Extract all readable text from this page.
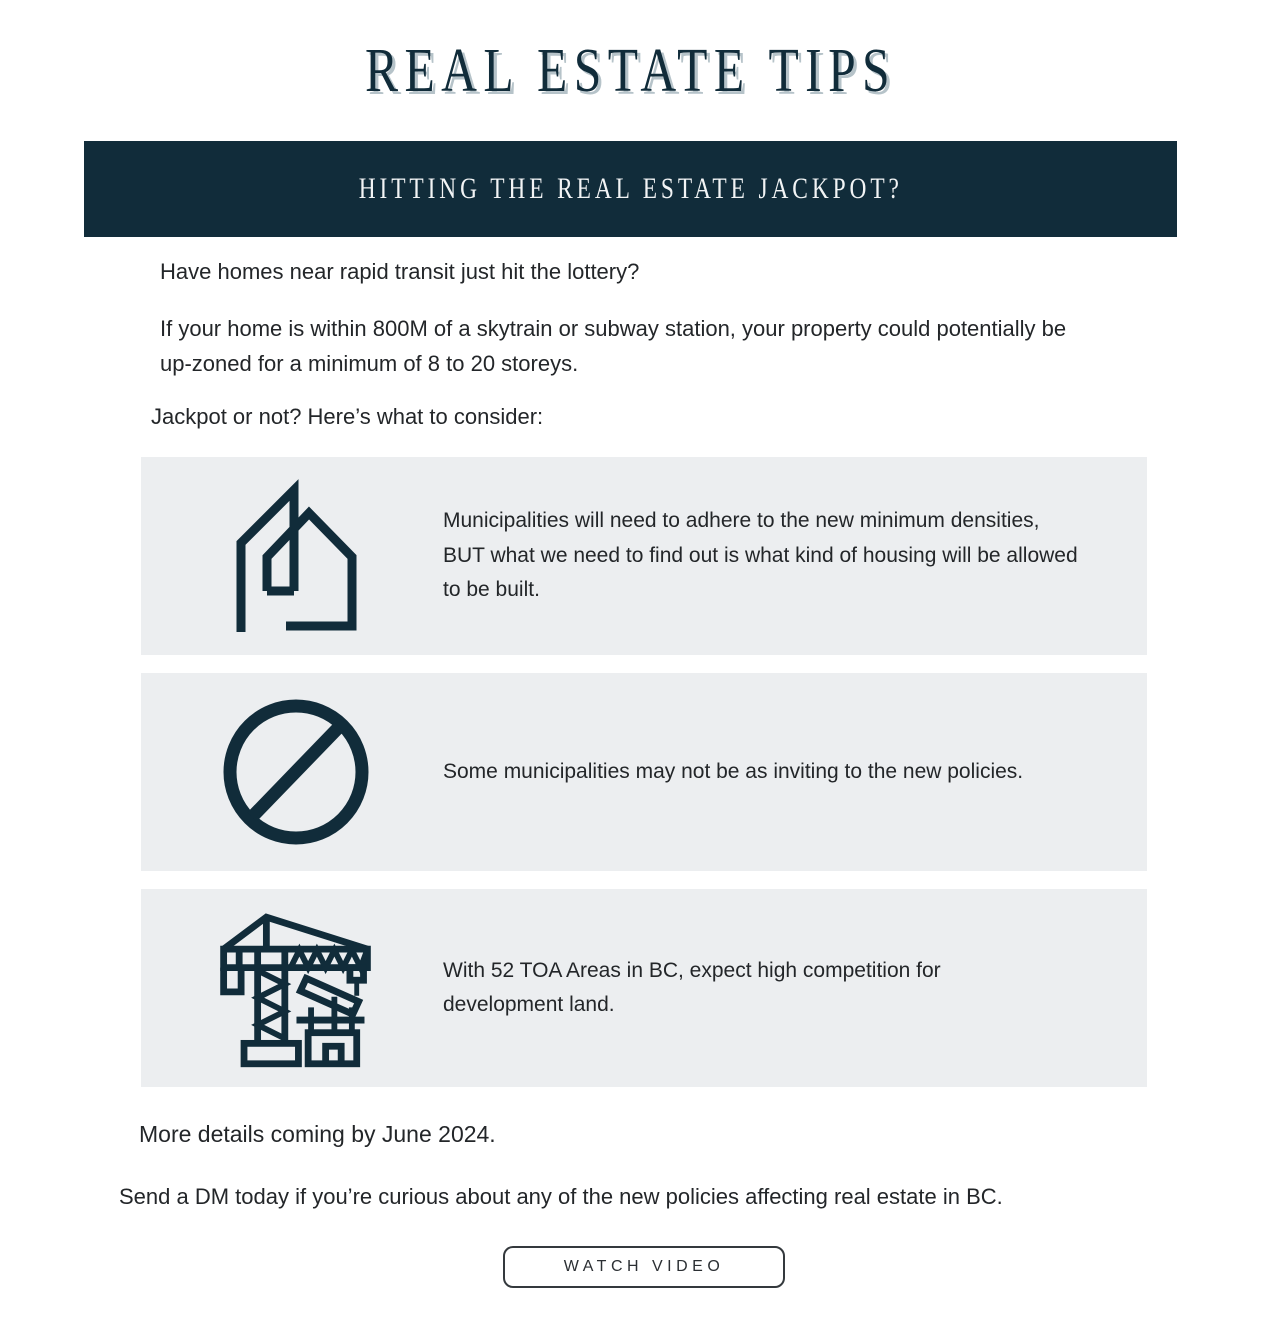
REAL ESTATE TIPS
HITTING THE REAL ESTATE JACKPOT?
Have homes near rapid transit just hit the lottery?
If your home is within 800M of a skytrain or subway station, your property could potentially be
up-zoned for a minimum of 8 to 20 storeys.
Jackpot or not? Here’s what to consider:
Municipalities will need to adhere to the new minimum densities,
BUT what we need to find out is what kind of housing will be allowed
to be built.
Some municipalities may not be as inviting to the new policies.
With 52 TOA Areas in BC, expect high competition for
development land.
More details coming by June 2024.
Send a DM today if you’re curious about any of the new policies affecting real estate in BC.
WATCH VIDEO
